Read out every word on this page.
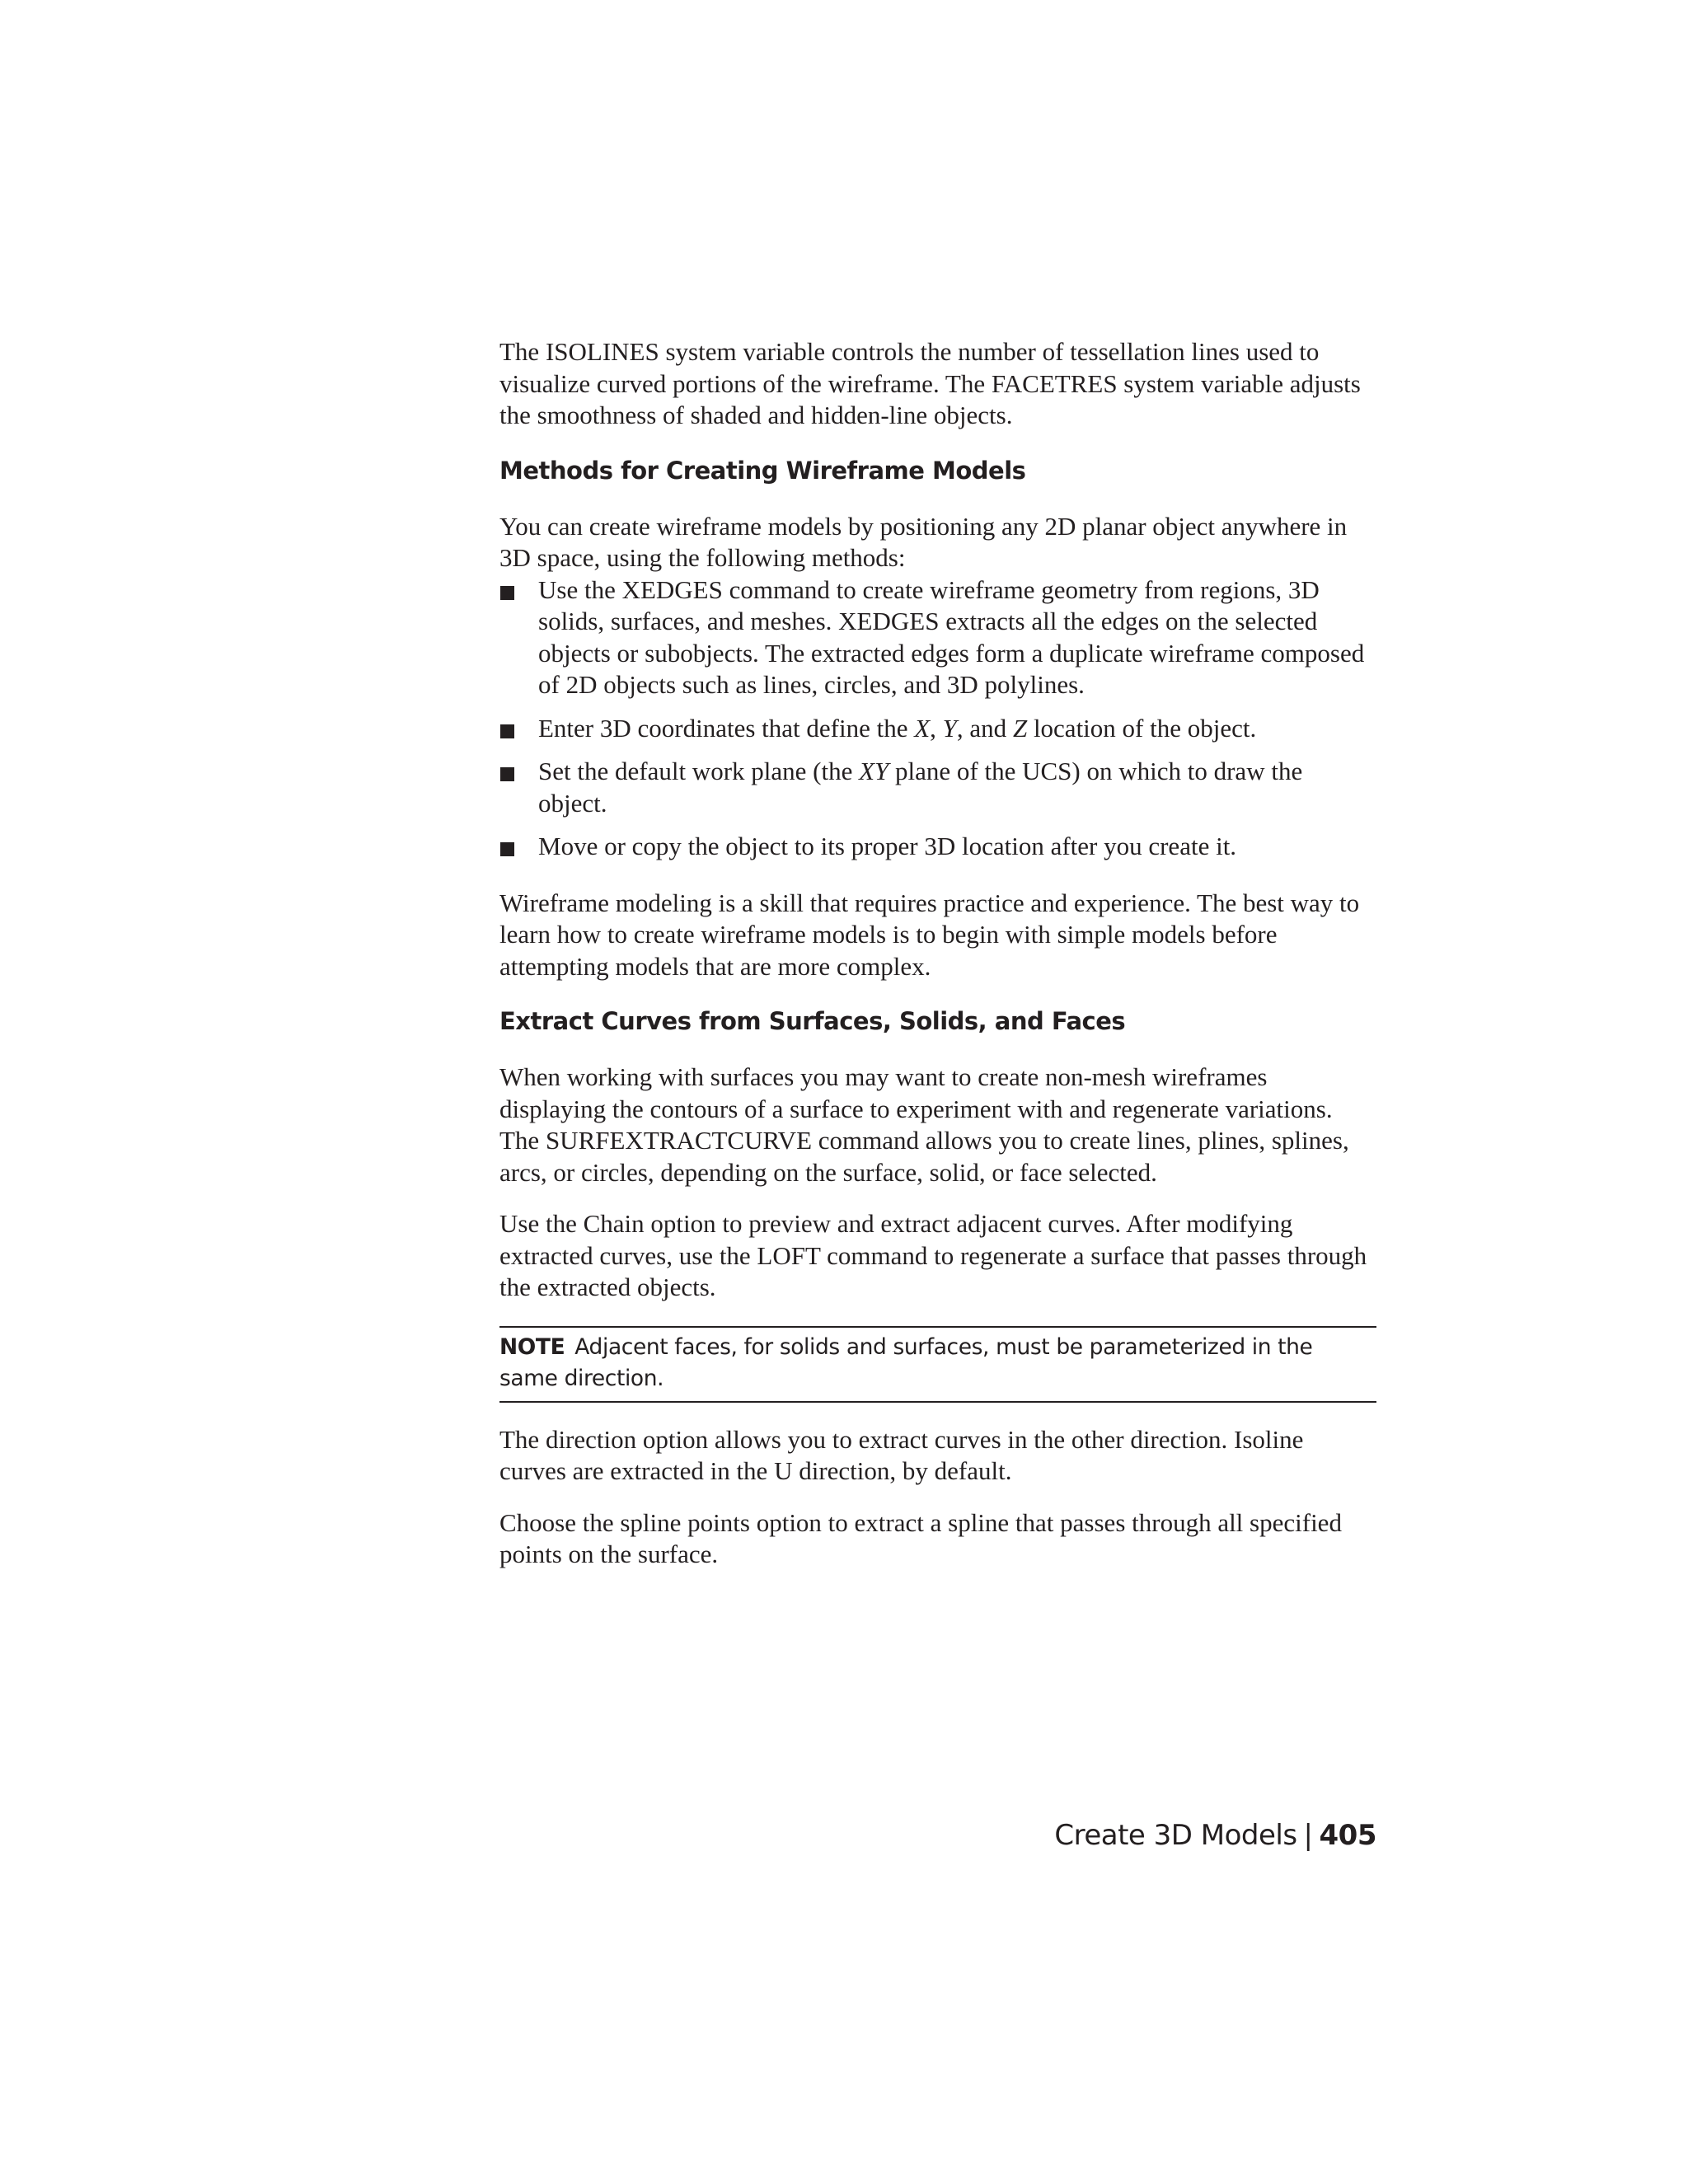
The ISOLINES system variable controls the number of tessellation lines used to visualize curved portions of the wireframe. The FACETRES system variable adjusts the smoothness of shaded and hidden-line objects.

Methods for Creating Wireframe Models

You can create wireframe models by positioning any 2D planar object anywhere in 3D space, using the following methods:

Use the XEDGES command to create wireframe geometry from regions, 3D solids, surfaces, and meshes. XEDGES extracts all the edges on the selected objects or subobjects. The extracted edges form a duplicate wireframe composed of 2D objects such as lines, circles, and 3D polylines.
Enter 3D coordinates that define the X, Y, and Z location of the object.
Set the default work plane (the XY plane of the UCS) on which to draw the object.
Move or copy the object to its proper 3D location after you create it.

Wireframe modeling is a skill that requires practice and experience. The best way to learn how to create wireframe models is to begin with simple models before attempting models that are more complex.

Extract Curves from Surfaces, Solids, and Faces

When working with surfaces you may want to create non-mesh wireframes displaying the contours of a surface to experiment with and regenerate variations. The SURFEXTRACTCURVE command allows you to create lines, plines, splines, arcs, or circles, depending on the surface, solid, or face selected.

Use the Chain option to preview and extract adjacent curves. After modifying extracted curves, use the LOFT command to regenerate a surface that passes through the extracted objects.

NOTE Adjacent faces, for solids and surfaces, must be parameterized in the same direction.

The direction option allows you to extract curves in the other direction. Isoline curves are extracted in the U direction, by default.

Choose the spline points option to extract a spline that passes through all specified points on the surface.

Create 3D Models | 405
